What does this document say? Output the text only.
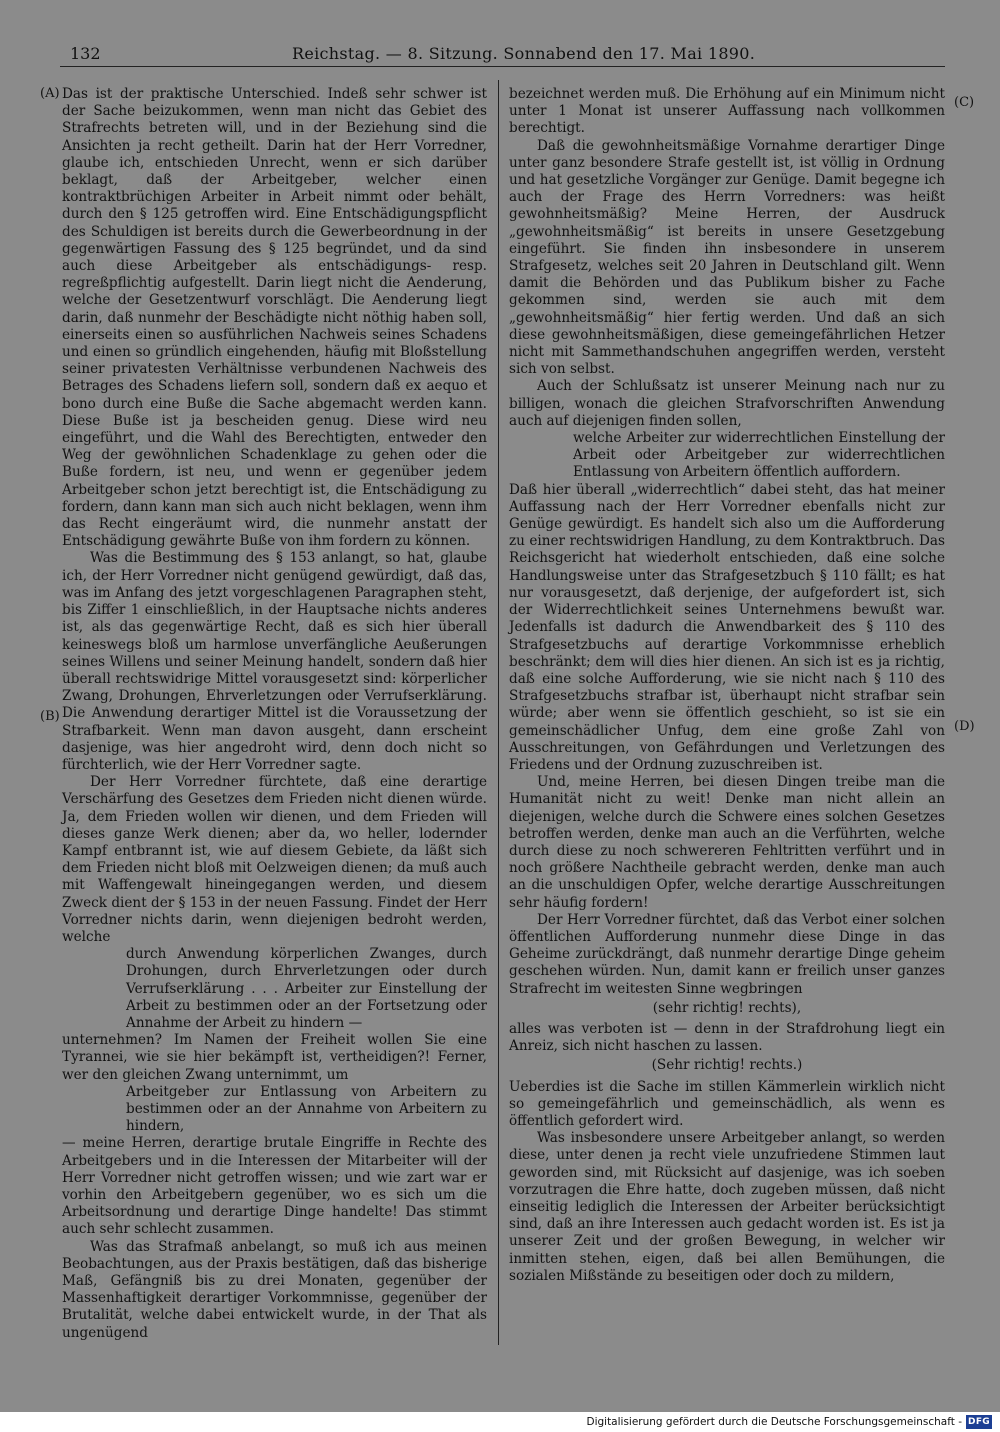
132	Reichstag. — 8. Sitzung. Sonnabend den 17. Mai 1890.
(A)
(B)
(C)
(D)

Das ist der praktische Unterschied. Indeß sehr schwer ist der Sache beizukommen, wenn man nicht das Gebiet des Strafrechts betreten will, und in der Beziehung sind die Ansichten ja recht getheilt. Darin hat der Herr Vorredner, glaube ich, entschieden Unrecht, wenn er sich darüber beklagt, daß der Arbeitgeber, welcher einen kontraktbrüchigen Arbeiter in Arbeit nimmt oder behält, durch den § 125 getroffen wird. Eine Entschädigungspflicht des Schuldigen ist bereits durch die Gewerbeordnung in der gegenwärtigen Fassung des § 125 begründet, und da sind auch diese Arbeitgeber als entschädigungs- resp. regreßpflichtig aufgestellt. Darin liegt nicht die Aenderung, welche der Gesetzentwurf vorschlägt. Die Aenderung liegt darin, daß nunmehr der Beschädigte nicht nöthig haben soll, einerseits einen so ausführlichen Nachweis seines Schadens und einen so gründlich eingehenden, häufig mit Bloßstellung seiner privatesten Verhältnisse verbundenen Nachweis des Betrages des Schadens liefern soll, sondern daß ex aequo et bono durch eine Buße die Sache abgemacht werden kann. Diese Buße ist ja bescheiden genug. Diese wird neu eingeführt, und die Wahl des Berechtigten, entweder den Weg der gewöhnlichen Schadenklage zu gehen oder die Buße fordern, ist neu, und wenn er gegenüber jedem Arbeitgeber schon jetzt berechtigt ist, die Entschädigung zu fordern, dann kann man sich auch nicht beklagen, wenn ihm das Recht eingeräumt wird, die nunmehr anstatt der Entschädigung gewährte Buße von ihm fordern zu können.

Was die Bestimmung des § 153 anlangt, so hat, glaube ich, der Herr Vorredner nicht genügend gewürdigt, daß das, was im Anfang des jetzt vorgeschlagenen Paragraphen steht, bis Ziffer 1 einschließlich, in der Hauptsache nichts anderes ist, als das gegenwärtige Recht, daß es sich hier überall keineswegs bloß um harmlose unverfängliche Aeußerungen seines Willens und seiner Meinung handelt, sondern daß hier überall rechtswidrige Mittel vorausgesetzt sind: körperlicher Zwang, Drohungen, Ehrverletzungen oder Verrufserklärung. Die Anwendung derartiger Mittel ist die Voraussetzung der Strafbarkeit. Wenn man davon ausgeht, dann erscheint dasjenige, was hier angedroht wird, denn doch nicht so fürchterlich, wie der Herr Vorredner sagte.

Der Herr Vorredner fürchtete, daß eine derartige Verschärfung des Gesetzes dem Frieden nicht dienen würde. Ja, dem Frieden wollen wir dienen, und dem Frieden will dieses ganze Werk dienen; aber da, wo heller, lodernder Kampf entbrannt ist, wie auf diesem Gebiete, da läßt sich dem Frieden nicht bloß mit Oelzweigen dienen; da muß auch mit Waffengewalt hineingegangen werden, und diesem Zweck dient der § 153 in der neuen Fassung. Findet der Herr Vorredner nichts darin, wenn diejenigen bedroht werden, welche

durch Anwendung körperlichen Zwanges, durch Drohungen, durch Ehrverletzungen oder durch Verrufserklärung . . . Arbeiter zur Einstellung der Arbeit zu bestimmen oder an der Fortsetzung oder Annahme der Arbeit zu hindern —

unternehmen? Im Namen der Freiheit wollen Sie eine Tyrannei, wie sie hier bekämpft ist, vertheidigen?! Ferner, wer den gleichen Zwang unternimmt, um

Arbeitgeber zur Entlassung von Arbeitern zu bestimmen oder an der Annahme von Arbeitern zu hindern,

— meine Herren, derartige brutale Eingriffe in Rechte des Arbeitgebers und in die Interessen der Mitarbeiter will der Herr Vorredner nicht getroffen wissen; und wie zart war er vorhin den Arbeitgebern gegenüber, wo es sich um die Arbeitsordnung und derartige Dinge handelte! Das stimmt auch sehr schlecht zusammen.

Was das Strafmaß anbelangt, so muß ich aus meinen Beobachtungen, aus der Praxis bestätigen, daß das bisherige Maß, Gefängniß bis zu drei Monaten, gegenüber der Massenhaftigkeit derartiger Vorkommnisse, gegenüber der Brutalität, welche dabei entwickelt wurde, in der That als ungenügend

bezeichnet werden muß. Die Erhöhung auf ein Minimum nicht unter 1 Monat ist unserer Auffassung nach vollkommen berechtigt.

Daß die gewohnheitsmäßige Vornahme derartiger Dinge unter ganz besondere Strafe gestellt ist, ist völlig in Ordnung und hat gesetzliche Vorgänger zur Genüge. Damit begegne ich auch der Frage des Herrn Vorredners: was heißt gewohnheitsmäßig? Meine Herren, der Ausdruck „gewohnheitsmäßig“ ist bereits in unsere Gesetzgebung eingeführt. Sie finden ihn insbesondere in unserem Strafgesetz, welches seit 20 Jahren in Deutschland gilt. Wenn damit die Behörden und das Publikum bisher zu Fache gekommen sind, werden sie auch mit dem „gewohnheitsmäßig“ hier fertig werden. Und daß an sich diese gewohnheitsmäßigen, diese gemeingefährlichen Hetzer nicht mit Sammethandschuhen angegriffen werden, versteht sich von selbst.

Auch der Schlußsatz ist unserer Meinung nach nur zu billigen, wonach die gleichen Strafvorschriften Anwendung auch auf diejenigen finden sollen,

welche Arbeiter zur widerrechtlichen Einstellung der Arbeit oder Arbeitgeber zur widerrechtlichen Entlassung von Arbeitern öffentlich auffordern.

Daß hier überall „widerrechtlich“ dabei steht, das hat meiner Auffassung nach der Herr Vorredner ebenfalls nicht zur Genüge gewürdigt. Es handelt sich also um die Aufforderung zu einer rechtswidrigen Handlung, zu dem Kontraktbruch. Das Reichsgericht hat wiederholt entschieden, daß eine solche Handlungsweise unter das Strafgesetzbuch § 110 fällt; es hat nur vorausgesetzt, daß derjenige, der aufgefordert ist, sich der Widerrechtlichkeit seines Unternehmens bewußt war. Jedenfalls ist dadurch die Anwendbarkeit des § 110 des Strafgesetzbuchs auf derartige Vorkommnisse erheblich beschränkt; dem will dies hier dienen. An sich ist es ja richtig, daß eine solche Aufforderung, wie sie nicht nach § 110 des Strafgesetzbuchs strafbar ist, überhaupt nicht strafbar sein würde; aber wenn sie öffentlich geschieht, so ist sie ein gemeinschädlicher Unfug, dem eine große Zahl von Ausschreitungen, von Gefährdungen und Verletzungen des Friedens und der Ordnung zuzuschreiben ist.

Und, meine Herren, bei diesen Dingen treibe man die Humanität nicht zu weit! Denke man nicht allein an diejenigen, welche durch die Schwere eines solchen Gesetzes betroffen werden, denke man auch an die Verführten, welche durch diese zu noch schwereren Fehltritten verführt und in noch größere Nachtheile gebracht werden, denke man auch an die unschuldigen Opfer, welche derartige Ausschreitungen sehr häufig fordern!

Der Herr Vorredner fürchtet, daß das Verbot einer solchen öffentlichen Aufforderung nunmehr diese Dinge in das Geheime zurückdrängt, daß nunmehr derartige Dinge geheim geschehen würden. Nun, damit kann er freilich unser ganzes Strafrecht im weitesten Sinne wegbringen

(sehr richtig! rechts),

alles was verboten ist — denn in der Strafdrohung liegt ein Anreiz, sich nicht haschen zu lassen.

(Sehr richtig! rechts.)

Ueberdies ist die Sache im stillen Kämmerlein wirklich nicht so gemeingefährlich und gemeinschädlich, als wenn es öffentlich gefordert wird.

Was insbesondere unsere Arbeitgeber anlangt, so werden diese, unter denen ja recht viele unzufriedene Stimmen laut geworden sind, mit Rücksicht auf dasjenige, was ich soeben vorzutragen die Ehre hatte, doch zugeben müssen, daß nicht einseitig lediglich die Interessen der Arbeiter berücksichtigt sind, daß an ihre Interessen auch gedacht worden ist. Es ist ja unserer Zeit und der großen Bewegung, in welcher wir inmitten stehen, eigen, daß bei allen Bemühungen, die sozialen Mißstände zu beseitigen oder doch zu mildern,

Digitalisierung gefördert durch die Deutsche Forschungsgemeinschaft - DFG
